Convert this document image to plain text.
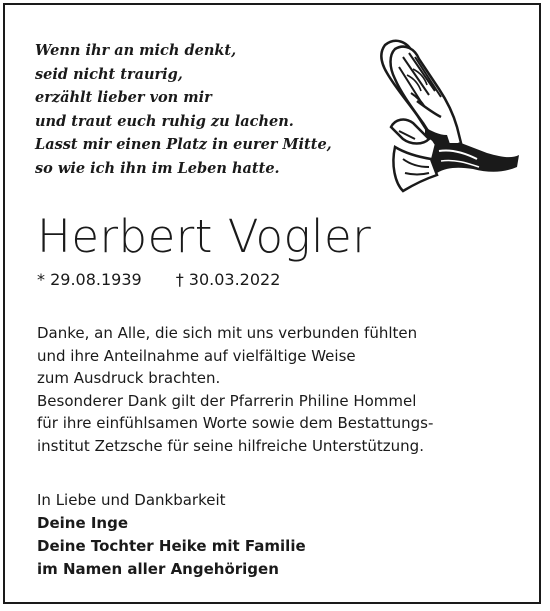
Wenn ihr an mich denkt,
seid nicht traurig,
erzählt lieber von mir
und traut euch ruhig zu lachen.
Lasst mir einen Platz in eurer Mitte,
so wie ich ihn im Leben hatte.
Herbert Vogler
* 29.08.1939 † 30.03.2022
Danke, an Alle, die sich mit uns verbunden fühlten
und ihre Anteilnahme auf vielfältige Weise
zum Ausdruck brachten.
Besonderer Dank gilt der Pfarrerin Philine Hommel
für ihre einfühlsamen Worte sowie dem Bestattungs-
institut Zetzsche für seine hilfreiche Unterstützung.
In Liebe und Dankbarkeit
Deine Inge
Deine Tochter Heike mit Familie
im Namen aller Angehörigen
